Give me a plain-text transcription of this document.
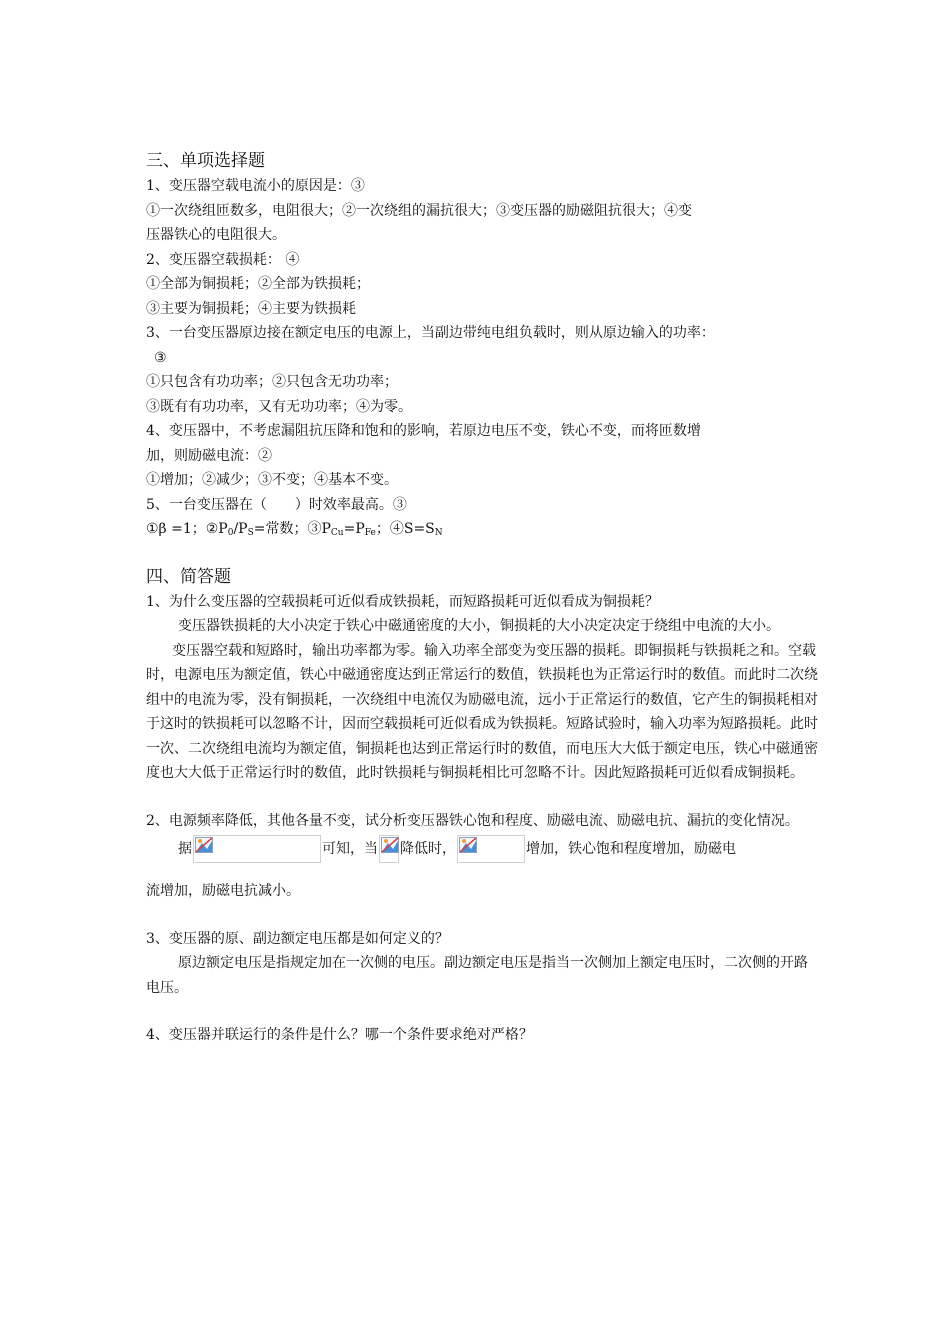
三、单项选择题

1、变压器空载电流小的原因是：③

①一次绕组匝数多，电阻很大；②一次绕组的漏抗很大；③变压器的励磁阻抗很大；④变

压器铁心的电阻很大。

2、变压器空载损耗： ④

①全部为铜损耗；②全部为铁损耗；

③主要为铜损耗；④主要为铁损耗

3、一台变压器原边接在额定电压的电源上，当副边带纯电组负载时，则从原边输入的功率：

③

①只包含有功功率；②只包含无功功率；

③既有有功功率，又有无功功率；④为零。

4、变压器中，不考虑漏阻抗压降和饱和的影响，若原边电压不变，铁心不变，而将匝数增

加，则励磁电流：②

①增加；②减少；③不变；④基本不变。

5、一台变压器在（　　）时效率最高。③

①β =1；$②P_0/P_S=$常数；$③P_{Cu}=P_{Fe}$；$④S=S_N$

四、简答题

1、为什么变压器的空载损耗可近似看成铁损耗，而短路损耗可近似看成为铜损耗？

变压器铁损耗的大小决定于铁心中磁通密度的大小，铜损耗的大小决定决定于绕组中电流的大小。

变压器空载和短路时，输出功率都为零。输入功率全部变为变压器的损耗。即铜损耗与铁损耗之和。空载时，电源电压为额定值，铁心中磁通密度达到正常运行的数值，铁损耗也为正常运行时的数值。而此时二次绕组中的电流为零，没有铜损耗，一次绕组中电流仅为励磁电流，远小于正常运行的数值，它产生的铜损耗相对于这时的铁损耗可以忽略不计，因而空载损耗可近似看成为铁损耗。短路试验时，输入功率为短路损耗。此时一次、二次绕组电流均为额定值，铜损耗也达到正常运行时的数值，而电压大大低于额定电压，铁心中磁通密度也大大低于正常运行时的数值，此时铁损耗与铜损耗相比可忽略不计。因此短路损耗可近似看成铜损耗。

2、电源频率降低，其他各量不变，试分析变压器铁心饱和程度、励磁电流、励磁电抗、漏抗的变化情况。

据	可知，当 降低时，	增加，铁心饱和程度增加，励磁电

流增加，励磁电抗减小。

3、变压器的原、副边额定电压都是如何定义的？

原边额定电压是指规定加在一次侧的电压。副边额定电压是指当一次侧加上额定电压时，二次侧的开路电压。

4、变压器并联运行的条件是什么？哪一个条件要求绝对严格？
